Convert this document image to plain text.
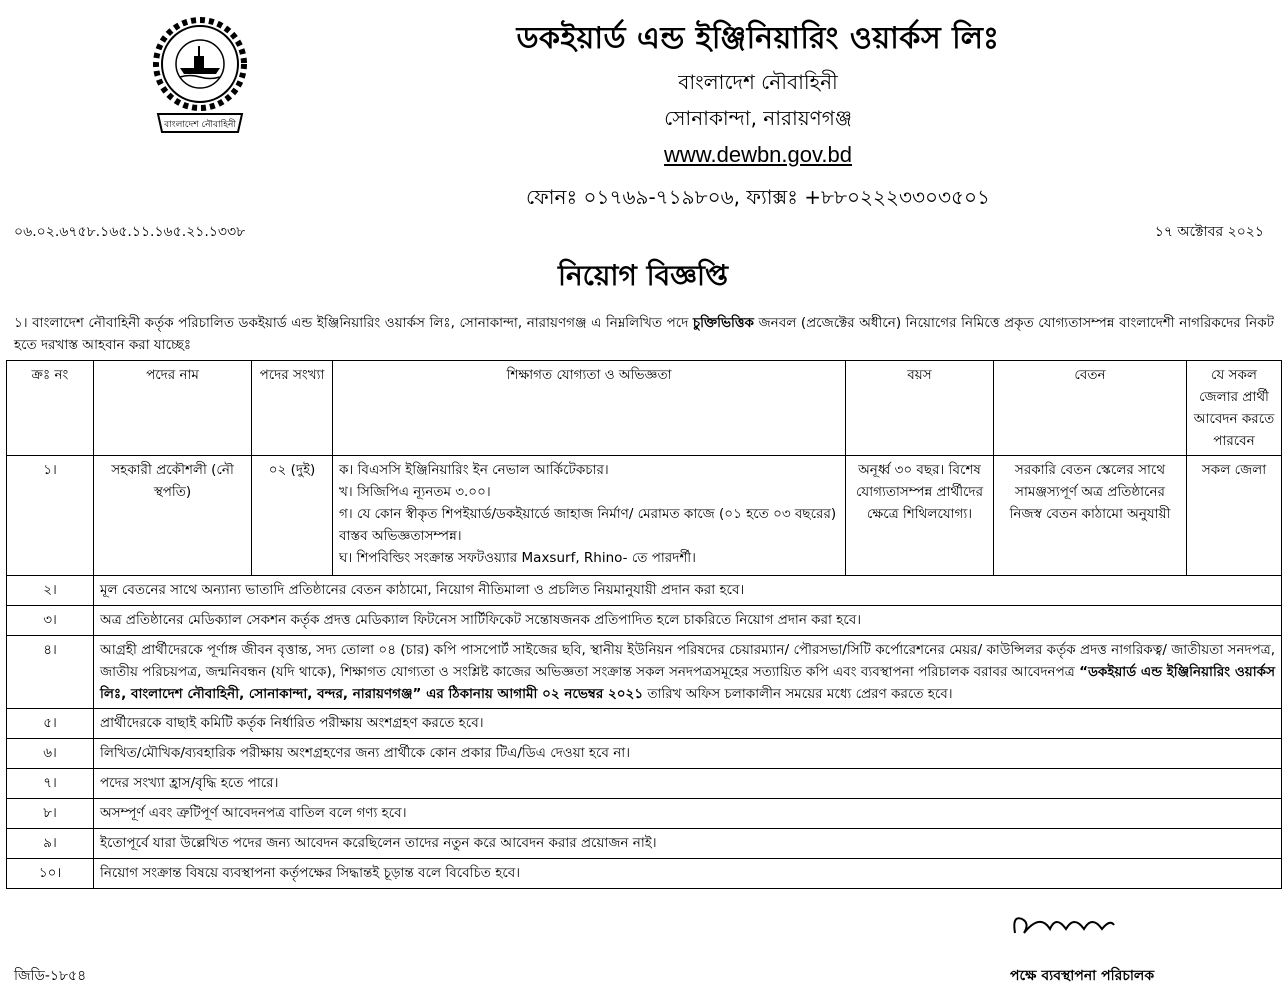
বাংলাদেশ নৌবাহিনী
ডকইয়ার্ড এন্ড ইঞ্জিনিয়ারিং ওয়ার্কস লিঃ
বাংলাদেশ নৌবাহিনী
সোনাকান্দা, নারায়ণগঞ্জ
www.dewbn.gov.bd
ফোনঃ ০১৭৬৯-৭১৯৮০৬, ফ্যাক্সঃ +৮৮০২২২৩৩০৩৫০১
০৬.০২.৬৭৫৮.১৬৫.১১.১৬৫.২১.১৩৩৮	১৭ অক্টোবর ২০২১
নিয়োগ বিজ্ঞপ্তি
১। বাংলাদেশ নৌবাহিনী কর্তৃক পরিচালিত ডকইয়ার্ড এন্ড ইঞ্জিনিয়ারিং ওয়ার্কস লিঃ, সোনাকান্দা, নারায়ণগঞ্জ এ নিম্নলিখিত পদে চুক্তিভিত্তিক জনবল (প্রজেক্টের অধীনে) নিয়োগের নিমিত্তে প্রকৃত যোগ্যতাসম্পন্ন বাংলাদেশী নাগরিকদের নিকট হতে দরখাস্ত আহবান করা যাচ্ছেঃ
ক্রঃ নং	পদের নাম	পদের সংখ্যা	শিক্ষাগত যোগ্যতা ও অভিজ্ঞতা	বয়স	বেতন	যে সকল জেলার প্রার্থী আবেদন করতে পারবেন
১।	সহকারী প্রকৌশলী (নৌ স্থপতি)	০২ (দুই)	ক। বিএসসি ইঞ্জিনিয়ারিং ইন নেভাল আর্কিটেকচার।
খ। সিজিপিএ ন্যূনতম ৩.০০।
গ। যে কোন স্বীকৃত শিপইয়ার্ড/ডকইয়ার্ডে জাহাজ নির্মাণ/ মেরামত কাজে (০১ হতে ০৩ বছরের) বাস্তব অভিজ্ঞতাসম্পন্ন।
ঘ। শিপবিল্ডিং সংক্রান্ত সফটওয়্যার Maxsurf, Rhino- তে পারদর্শী।	অনূর্ধ্ব ৩০ বছর। বিশেষ যোগ্যতাসম্পন্ন প্রার্থীদের ক্ষেত্রে শিথিলযোগ্য।	সরকারি বেতন স্কেলের সাথে সামঞ্জস্যপূর্ণ অত্র প্রতিষ্ঠানের নিজস্ব বেতন কাঠামো অনুযায়ী	সকল জেলা
২।	মূল বেতনের সাথে অন্যান্য ভাতাদি প্রতিষ্ঠানের বেতন কাঠামো, নিয়োগ নীতিমালা ও প্রচলিত নিয়মানুযায়ী প্রদান করা হবে।					
৩।	অত্র প্রতিষ্ঠানের মেডিক্যাল সেকশন কর্তৃক প্রদত্ত মেডিক্যাল ফিটনেস সার্টিফিকেট সন্তোষজনক প্রতিপাদিত হলে চাকরিতে নিয়োগ প্রদান করা হবে।					
৪।	আগ্রহী প্রার্থীদেরকে পূর্ণাঙ্গ জীবন বৃত্তান্ত, সদ্য তোলা ০৪ (চার) কপি পাসপোর্ট সাইজের ছবি, স্থানীয় ইউনিয়ন পরিষদের চেয়ারম্যান/ পৌরসভা/সিটি কর্পোরেশনের মেয়র/ কাউন্সিলর কর্তৃক প্রদত্ত নাগরিকত্ব/ জাতীয়তা সনদপত্র, জাতীয় পরিচয়পত্র, জন্মনিবন্ধন (যদি থাকে), শিক্ষাগত যোগ্যতা ও সংশ্লিষ্ট কাজের অভিজ্ঞতা সংক্রান্ত সকল সনদপত্রসমূহের সত্যায়িত কপি এবং ব্যবস্থাপনা পরিচালক বরাবর আবেদনপত্র “ডকইয়ার্ড এন্ড ইঞ্জিনিয়ারিং ওয়ার্কস লিঃ, বাংলাদেশ নৌবাহিনী, সোনাকান্দা, বন্দর, নারায়ণগঞ্জ” এর ঠিকানায় আগামী ০২ নভেম্বর ২০২১ তারিখ অফিস চলাকালীন সময়ের মধ্যে প্রেরণ করতে হবে।					
৫।	প্রার্থীদেরকে বাছাই কমিটি কর্তৃক নির্ধারিত পরীক্ষায় অংশগ্রহণ করতে হবে।					
৬।	লিখিত/মৌখিক/ব্যবহারিক পরীক্ষায় অংশগ্রহণের জন্য প্রার্থীকে কোন প্রকার টিএ/ডিএ দেওয়া হবে না।					
৭।	পদের সংখ্যা হ্রাস/বৃদ্ধি হতে পারে।					
৮।	অসম্পূর্ণ এবং ত্রুটিপূর্ণ আবেদনপত্র বাতিল বলে গণ্য হবে।					
৯।	ইতোপূর্বে যারা উল্লেখিত পদের জন্য আবেদন করেছিলেন তাদের নতুন করে আবেদন করার প্রয়োজন নাই।					
১০।	নিয়োগ সংক্রান্ত বিষয়ে ব্যবস্থাপনা কর্তৃপক্ষের সিদ্ধান্তই চূড়ান্ত বলে বিবেচিত হবে।					
জিডি-১৮৫৪	পক্ষে ব্যবস্থাপনা পরিচালক
